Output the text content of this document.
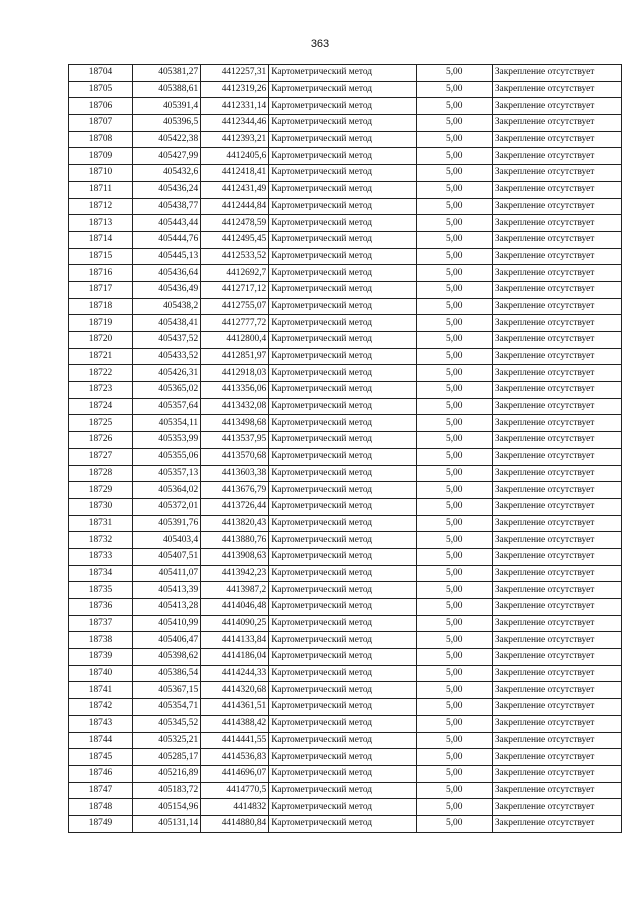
363
18704	405381,27	4412257,31	Картометрический метод	5,00	Закрепление отсутствует
18705	405388,61	4412319,26	Картометрический метод	5,00	Закрепление отсутствует
18706	405391,4	4412331,14	Картометрический метод	5,00	Закрепление отсутствует
18707	405396,5	4412344,46	Картометрический метод	5,00	Закрепление отсутствует
18708	405422,38	4412393,21	Картометрический метод	5,00	Закрепление отсутствует
18709	405427,99	4412405,6	Картометрический метод	5,00	Закрепление отсутствует
18710	405432,6	4412418,41	Картометрический метод	5,00	Закрепление отсутствует
18711	405436,24	4412431,49	Картометрический метод	5,00	Закрепление отсутствует
18712	405438,77	4412444,84	Картометрический метод	5,00	Закрепление отсутствует
18713	405443,44	4412478,59	Картометрический метод	5,00	Закрепление отсутствует
18714	405444,76	4412495,45	Картометрический метод	5,00	Закрепление отсутствует
18715	405445,13	4412533,52	Картометрический метод	5,00	Закрепление отсутствует
18716	405436,64	4412692,7	Картометрический метод	5,00	Закрепление отсутствует
18717	405436,49	4412717,12	Картометрический метод	5,00	Закрепление отсутствует
18718	405438,2	4412755,07	Картометрический метод	5,00	Закрепление отсутствует
18719	405438,41	4412777,72	Картометрический метод	5,00	Закрепление отсутствует
18720	405437,52	4412800,4	Картометрический метод	5,00	Закрепление отсутствует
18721	405433,52	4412851,97	Картометрический метод	5,00	Закрепление отсутствует
18722	405426,31	4412918,03	Картометрический метод	5,00	Закрепление отсутствует
18723	405365,02	4413356,06	Картометрический метод	5,00	Закрепление отсутствует
18724	405357,64	4413432,08	Картометрический метод	5,00	Закрепление отсутствует
18725	405354,11	4413498,68	Картометрический метод	5,00	Закрепление отсутствует
18726	405353,99	4413537,95	Картометрический метод	5,00	Закрепление отсутствует
18727	405355,06	4413570,68	Картометрический метод	5,00	Закрепление отсутствует
18728	405357,13	4413603,38	Картометрический метод	5,00	Закрепление отсутствует
18729	405364,02	4413676,79	Картометрический метод	5,00	Закрепление отсутствует
18730	405372,01	4413726,44	Картометрический метод	5,00	Закрепление отсутствует
18731	405391,76	4413820,43	Картометрический метод	5,00	Закрепление отсутствует
18732	405403,4	4413880,76	Картометрический метод	5,00	Закрепление отсутствует
18733	405407,51	4413908,63	Картометрический метод	5,00	Закрепление отсутствует
18734	405411,07	4413942,23	Картометрический метод	5,00	Закрепление отсутствует
18735	405413,39	4413987,2	Картометрический метод	5,00	Закрепление отсутствует
18736	405413,28	4414046,48	Картометрический метод	5,00	Закрепление отсутствует
18737	405410,99	4414090,25	Картометрический метод	5,00	Закрепление отсутствует
18738	405406,47	4414133,84	Картометрический метод	5,00	Закрепление отсутствует
18739	405398,62	4414186,04	Картометрический метод	5,00	Закрепление отсутствует
18740	405386,54	4414244,33	Картометрический метод	5,00	Закрепление отсутствует
18741	405367,15	4414320,68	Картометрический метод	5,00	Закрепление отсутствует
18742	405354,71	4414361,51	Картометрический метод	5,00	Закрепление отсутствует
18743	405345,52	4414388,42	Картометрический метод	5,00	Закрепление отсутствует
18744	405325,21	4414441,55	Картометрический метод	5,00	Закрепление отсутствует
18745	405285,17	4414536,83	Картометрический метод	5,00	Закрепление отсутствует
18746	405216,89	4414696,07	Картометрический метод	5,00	Закрепление отсутствует
18747	405183,72	4414770,5	Картометрический метод	5,00	Закрепление отсутствует
18748	405154,96	4414832	Картометрический метод	5,00	Закрепление отсутствует
18749	405131,14	4414880,84	Картометрический метод	5,00	Закрепление отсутствует
